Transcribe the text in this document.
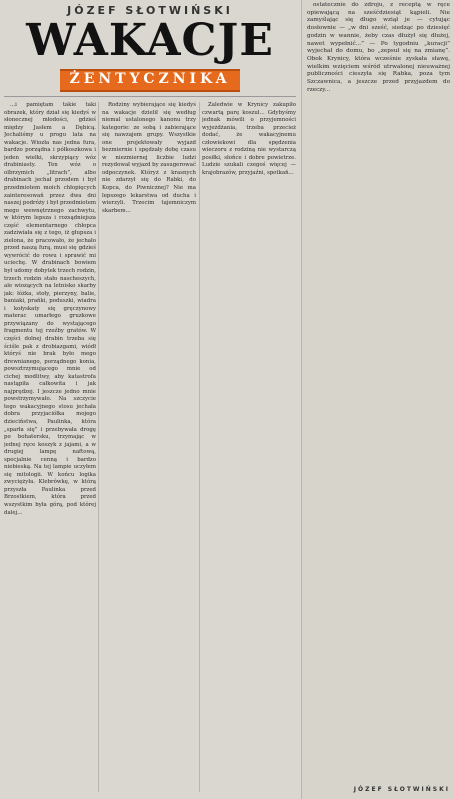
JÓZEF SŁOTWIŃSKI
WAKACJE
ŻENTYCZNIKA

...i pamiętam takie taki obrazek, który dział się kiedyś w słonecznej młodości, gdzieś między Jasłem a Dębicą. Jechaliśmy u progu lata na wakacje. Wiozła nas jedna fura, bardzo porządna i półkoszkowa i jeden wielki, skrzypiący wóz drabiniasty. Ten wóz o olbrzymich „litrach”, albo drabinach jechał przodem i był przedmiotem moich chłopięcych zainteresowań przez dwa dni naszej podróży i był przedmiotem mego wewnętrznego zachwytu, w którym lepsza i rozsądniejsza część elementarnego chłopca zadziwiała się z tego, iż głupsza i zielona, że pracowało, że jechało przed naszą furą, musi się gdzieś wywrócić do rowu i sprawić mi uciechę. W drabinach bowiem był udomy dobytek trzech rodzin, trzech rodzin stało nascheszych, ale wiozących na letnisko skarby jak: łóżka, stoły, pierzyny, balie, baniaki, prańki, poduszki, wiadra i kołyskaty się gręczynowy materac umarłego gruzkowe przywiązany do wystającego fragmentu tej rzeźby gratów. W części dolnej drabin trzeba się ściśle pak z drobiazgami, wiódł któryś nie brak było mego drewnianego, porządnego konia, powsztrzymującego mnie od cichej modlitwy, aby katastrofa nastąpiła całkowita i jak najprędzej. I jeszcze jedno mnie powstrzymywało. Na szczycie tego wakacyjnego stosu jechała dobra przyjaciółka mojego dzieciństwa, Paulinka, która „sparła się” i przebywała drogę po bohatersku, trzymając w jednej ręce koszyk z jajami, a w drugiej lampę naftową, specjalnie cenną i bardzo niebieską. Na tej lampie uczyłem się mitologii. W końcu logika zwyciężyła. Klebrówkę, w którą przyszła Paulinka przed Brzostkiem, która przed wszystkim była górą, pod której dalej...

Rodziny wybierające się kiedyś na wakacje dzielił się według niemal ustalonego kanonu trzy kategorie: ze sobą i zabierające się nawzajem grupy. Wszystkie one projektowały wyjazd bezmiernie i spędzały dobę czasu w niezmiernej liczbie ludzi rezydował wyjazd by zasugerować odpoczynek. Któryż z krasnych nie zdarzył się do Rabki, do Kopca, do Piwnicznej? Nie ma lepszego lekarstwa od ducha i wierzyli. Trzecim tajemniczym skarbem...

Zaledwie w Krynicy zakupiło czwartą parę koszul... Gdybyśmy jednak mówili o przyjemności wyjeżdżania, trzeba przecież dodać, że wakacyjnemu człowiekowi dla spędzenia wieczoru z rodziną nie wystarczą posiłki, słońce i dobre powietrze. Ludzie szukali czegoś więcej — krajobrazów, przyjaźni, spotkań...

ostatecznie do zdroju, z receptą w ręce opiewającą na sześćdziesiąt kąpieli. Nie zamyślając się długo wziął je — cytując dosłownie — „w dni sześć, siedząc po dziesięć godzin w wannie, żeby czas dłużył się dłużej, nawet wypełnić...” — Po tygodniu „kuracji” wyjechał do domu, bo „zepsuł się na zmianę”. Obok Krynicy, która wcześnie zyskała sławę, wielkim wzięciem wśród utrwalonej nieuważnej publiczności cieszyła się Rabka, poza tym Szczawnica, a jeszcze przed przyjazdem do rzeczy...

JÓZEF SŁOTWIŃSKI
